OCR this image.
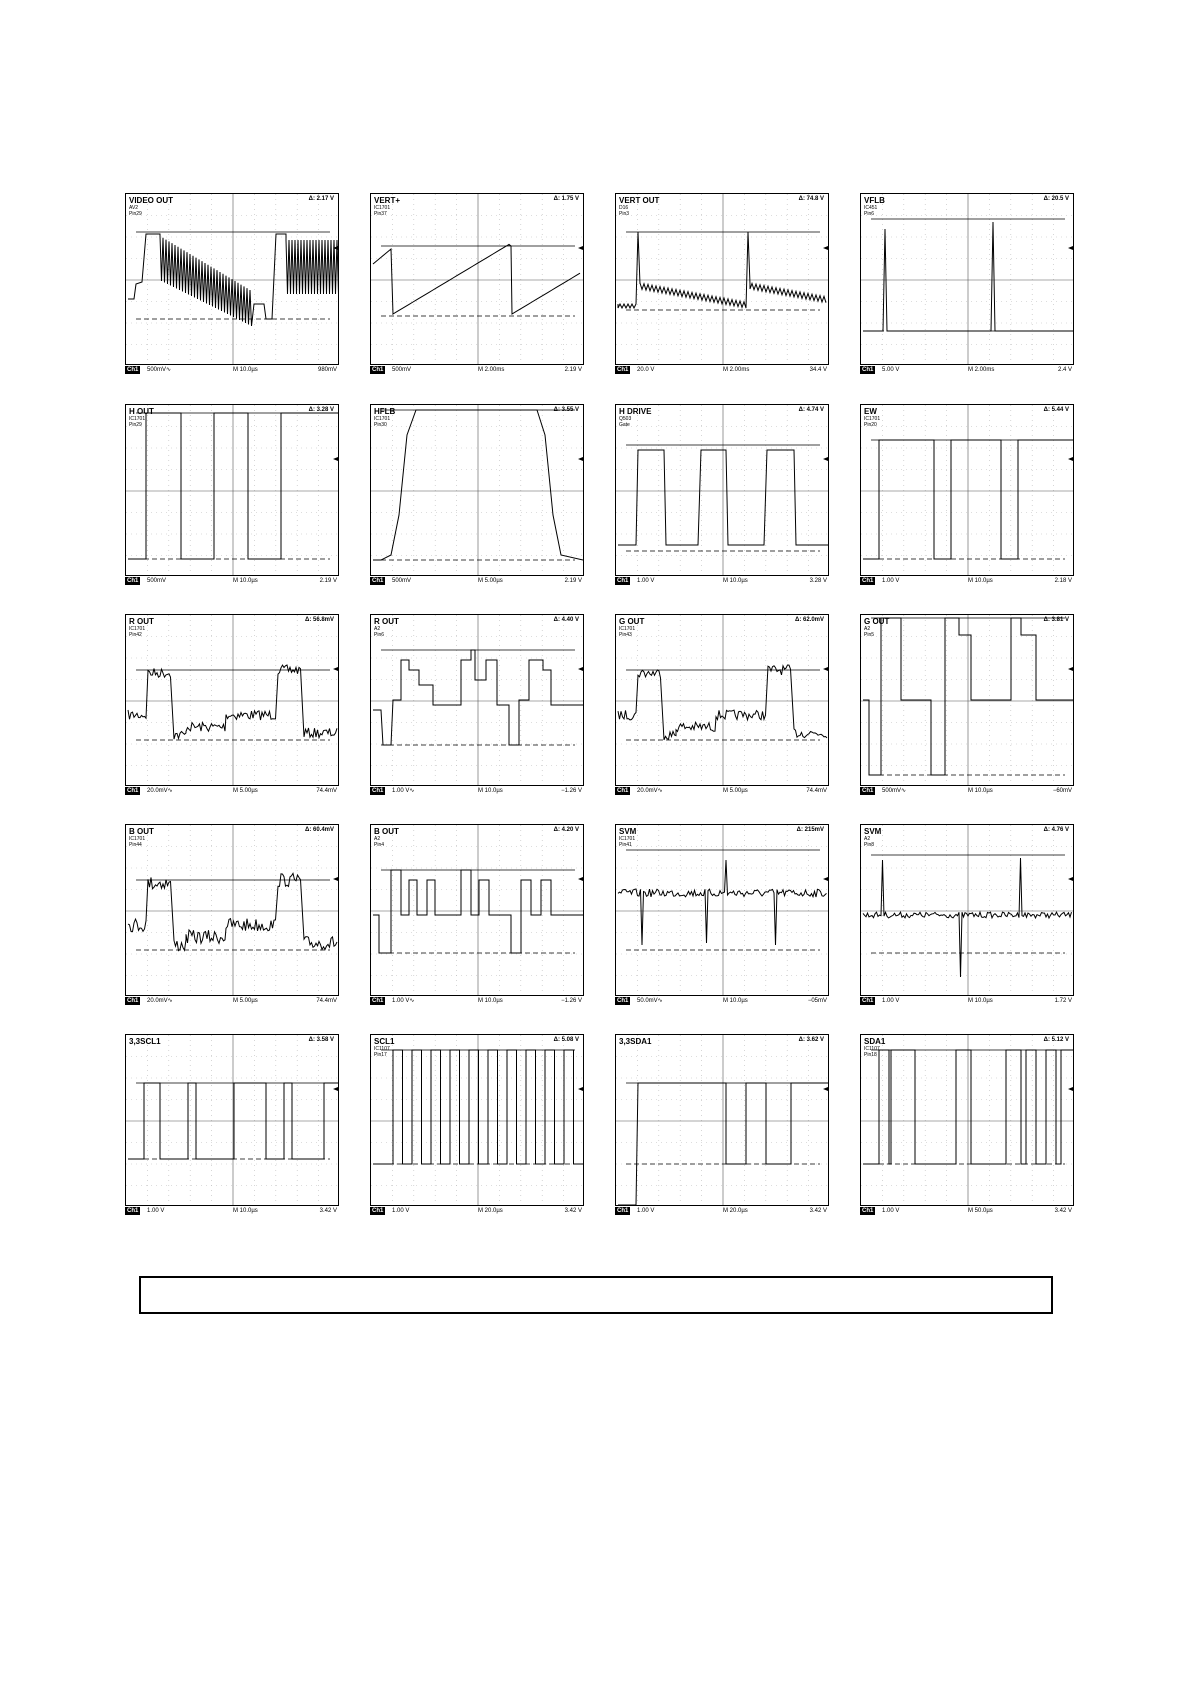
VIDEO OUT
AV2
Pin29
Δ: 2.17 V
Ch1	500mV∿	M 10.0µs	980mV
VERT+
IC1701
Pin37
Δ: 1.75 V
Ch1	500mV	M 2.00ms	2.19 V
VERT OUT
D16
Pin3
Δ: 74.8 V
Ch1	20.0 V	M 2.00ms	34.4 V
VFLB
IC451
Pin6
Δ: 20.5 V
Ch1	5.00 V	M 2.00ms	2.4 V
H OUT
IC1701
Pin29
Δ: 3.28 V
Ch1	500mV	M 10.0µs	2.19 V
HFLB
IC1701
Pin30
Δ: 3.55 V
Ch1	500mV	M 5.00µs	2.19 V
H DRIVE
Q503
Gate
Δ: 4.74 V
Ch1	1.00 V	M 10.0µs	3.28 V
EW
IC1701
Pin20
Δ: 5.44 V
Ch1	1.00 V	M 10.0µs	2.18 V
R OUT
IC1701
Pin42
Δ: 56.8mV
Ch1	20.0mV∿	M 5.00µs	74.4mV
R OUT
A2
Pin6
Δ: 4.40 V
Ch1	1.00 V∿	M 10.0µs	−1.26 V
G OUT
IC1701
Pin43
Δ: 62.0mV
Ch1	20.0mV∿	M 5.00µs	74.4mV
G OUT
A2
Pin5
Δ: 3.81 V
Ch1	500mV∿	M 10.0µs	−60mV
B OUT
IC1701
Pin44
Δ: 60.4mV
Ch1	20.0mV∿	M 5.00µs	74.4mV
B OUT
A2
Pin4
Δ: 4.20 V
Ch1	1.00 V∿	M 10.0µs	−1.26 V
SVM
IC1701
Pin41
Δ: 215mV
Ch1	50.0mV∿	M 10.0µs	−05mV
SVM
A2
Pin8
Δ: 4.76 V
Ch1	1.00 V	M 10.0µs	1.72 V
3,3SCL1	Δ: 3.58 V
Ch1	1.00 V	M 10.0µs	3.42 V
SCL1
IC1107
Pin17
Δ: 5.08 V
Ch1	1.00 V	M 20.0µs	3.42 V
3,3SDA1	Δ: 3.62 V
Ch1	1.00 V	M 20.0µs	3.42 V
SDA1
IC1107
Pin18
Δ: 5.12 V
Ch1	1.00 V	M 50.0µs	3.42 V
